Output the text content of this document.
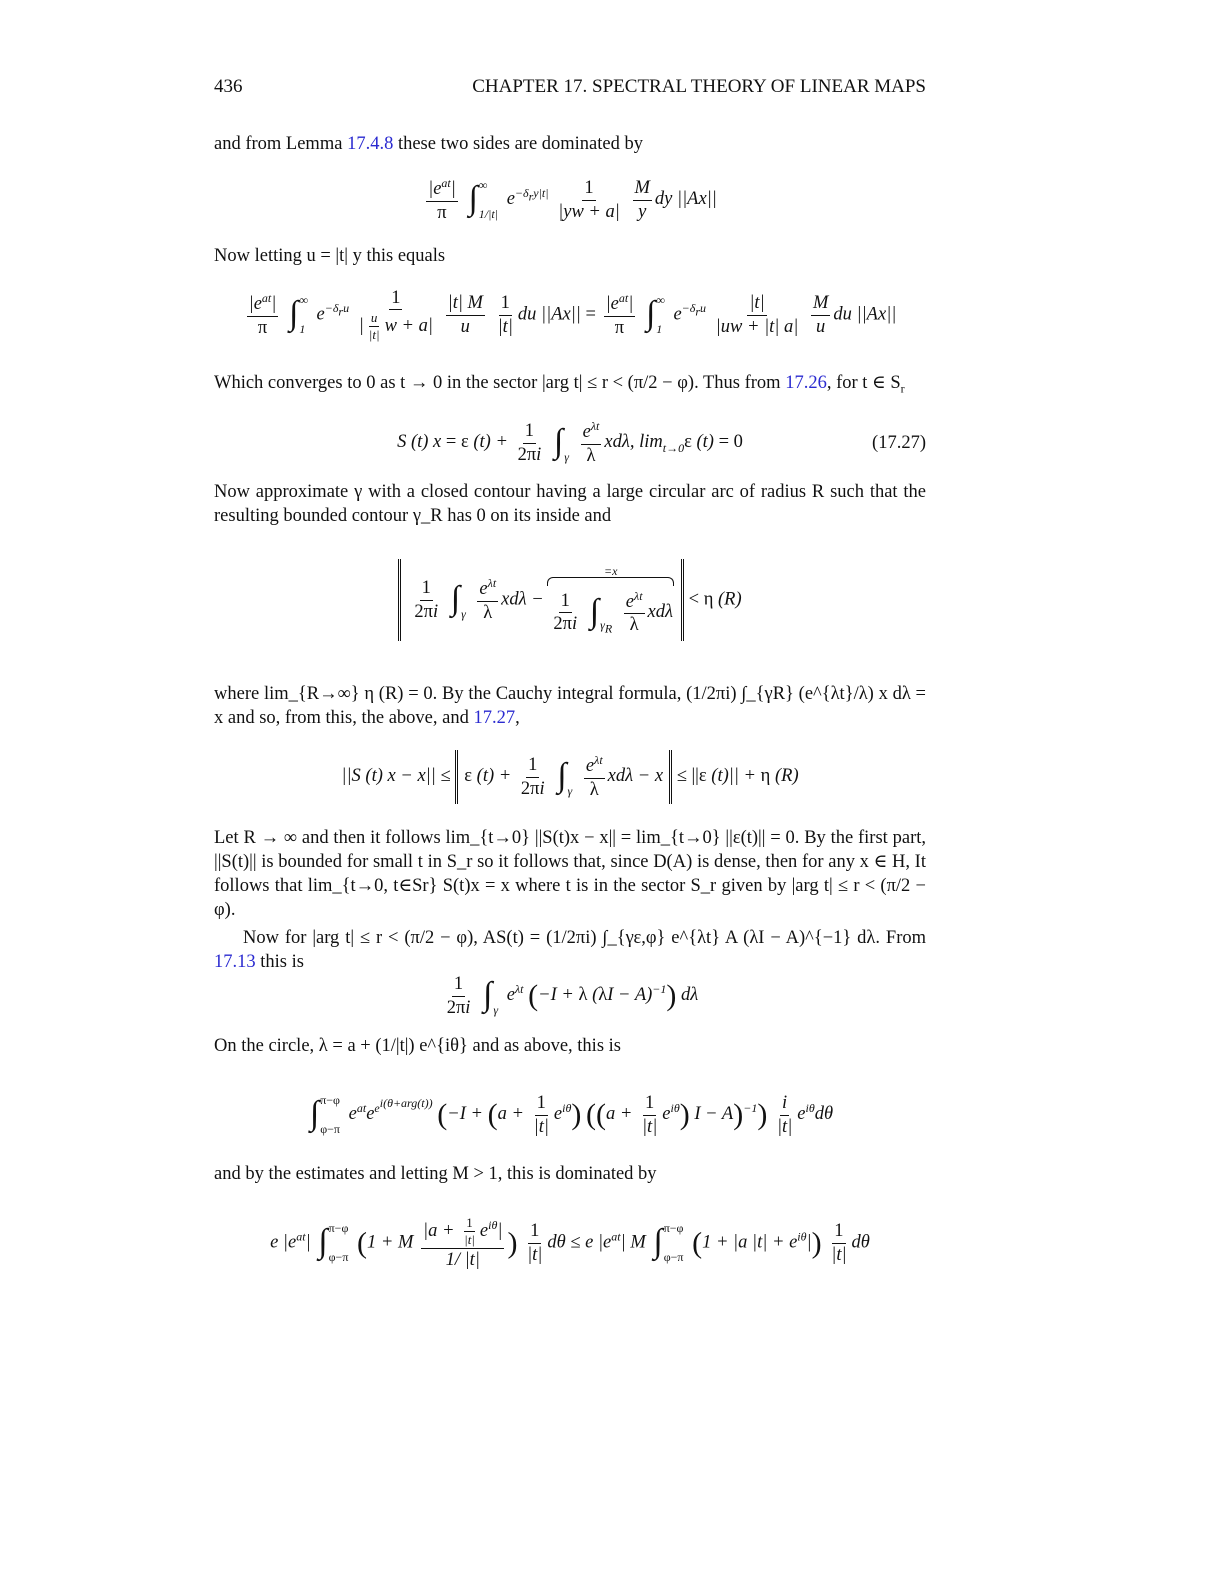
436	CHAPTER 17. SPECTRAL THEORY OF LINEAR MAPS
and from Lemma 17.4.8 these two sides are dominated by
$\frac{|e^{at}|}{\pi}$ ∫ ∞
1/|t|
$e^{-\delta_ry|t|} \frac{1}{|yw + a|}$
$\frac{M}{y}$ dy ||Ax||
Now letting u = |t| y this equals
$\frac{|e^{at}|}{\pi}$ ∫ ∞
1
$e^{-\delta_ru} \frac{1}{| \frac{u}{|t|} w + a|}$
$\frac{|t| M}{u}$
$\frac{1}{|t|}$ du $||Ax|| = \frac{|e^{at}|}{\pi}$ ∫ ∞
1
$e^{-\delta_ru} \frac{|t|}{|uw + |t| a|}$
$\frac{M}{u}$ du ||Ax||
Which converges to 0 as t → 0 in the sector |arg t| ≤ r < (π/2 − φ). Thus from 17.26, for t ∈ $S_r$
S (t) x = ε $(t) + \frac{1}{2\pi i}$ ∫
γ
$\frac{e^{\lambda t}}{\lambda} xd\lambda$, $\lim_{t\to 0}\varepsilon$ (t) = 0	(17.27)
Now approximate γ with a closed contour having a large circular arc of radius R such that the resulting bounded contour γ_R has 0 on its inside and
$\frac{1}{2\pi i}$ ∫
γ
$\frac{e^{\lambda t}}{\lambda}$ xdλ −
=x
$\frac{1}{2\pi i}$ ∫
$\gamma_R$
$\frac{e^{\lambda t}}{\lambda}$ xdλ
< η (R)
where lim_{R→∞} η (R) = 0. By the Cauchy integral formula, (1/2πi) ∫_{γR} (e^{λt}/λ) x dλ = x and so, from this, the above, and 17.27,
||S (t) x − x|| ≤ ε $(t) + \frac{1}{2\pi i}$ ∫
γ
$\frac{e^{\lambda t}}{\lambda}$ xdλ − x ≤ ||ε (t)|| + η (R)
Let R → ∞ and then it follows lim_{t→0} ||S(t)x − x|| = lim_{t→0} ||ε(t)|| = 0. By the first part, ||S(t)|| is bounded for small t in S_r so it follows that, since D(A) is dense, then for any x ∈ H, It follows that lim_{t→0, t∈Sr} S(t)x = x where t is in the sector S_r given by |arg t| ≤ r < (π/2 − φ).
Now for |arg t| ≤ r < (π/2 − φ), AS(t) = (1/2πi) ∫_{γε,φ} e^{λt} A (λI − A)^{−1} dλ. From 17.13 this is
$\frac{1}{2\pi i}$ ∫
γ
$e^{\lambda t}$ (−I + λ $(\lambda I - A)^{-1}$) dλ
On the circle, λ = a + (1/|t|) e^{iθ} and as above, this is
∫ π−φ
φ−π
$e^{at}e^{e^{i(\theta+arg(t))}}$ ($-I + (a + \frac{1}{|t|} e^{i\theta})$ ($(a + \frac{1}{|t|} e^{i\theta})$ $I - A)^{-1}) \frac{i}{|t|} e^{i\theta}d\theta$
and by the estimates and letting M > 1, this is dominated by
e $|e^{at}|$ ∫ π−φ
φ−π (1 + M $\frac{|a + \frac{1}{|t|} e^{i\theta}|}{1/ |t|}$ ) $\frac{1}{|t|}$ dθ ≤ e $|e^{at}|$ M ∫ π−φ
φ−π (1 + |a $|t| + e^{i\theta}|) \frac{1}{|t|}$ dθ
